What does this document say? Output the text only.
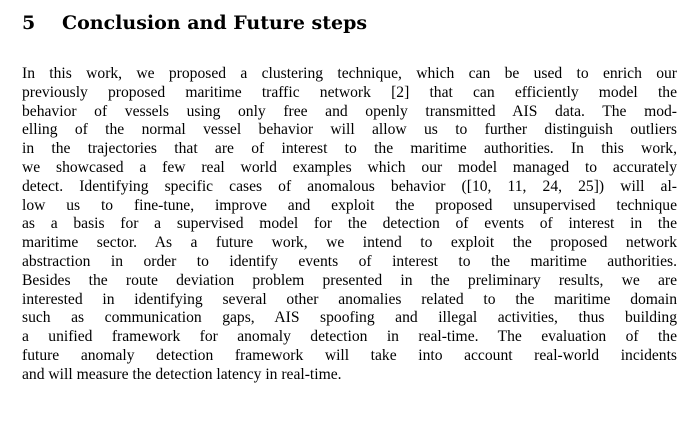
5 Conclusion and Future steps
In this work, we proposed a clustering technique, which can be used to enrich our
previously proposed maritime traffic network [2] that can efficiently model the
behavior of vessels using only free and openly transmitted AIS data. The mod-
elling of the normal vessel behavior will allow us to further distinguish outliers
in the trajectories that are of interest to the maritime authorities. In this work,
we showcased a few real world examples which our model managed to accurately
detect. Identifying specific cases of anomalous behavior ([10, 11, 24, 25]) will al-
low us to fine-tune, improve and exploit the proposed unsupervised technique
as a basis for a supervised model for the detection of events of interest in the
maritime sector. As a future work, we intend to exploit the proposed network
abstraction in order to identify events of interest to the maritime authorities.
Besides the route deviation problem presented in the preliminary results, we are
interested in identifying several other anomalies related to the maritime domain
such as communication gaps, AIS spoofing and illegal activities, thus building
a unified framework for anomaly detection in real-time. The evaluation of the
future anomaly detection framework will take into account real-world incidents
and will measure the detection latency in real-time.
